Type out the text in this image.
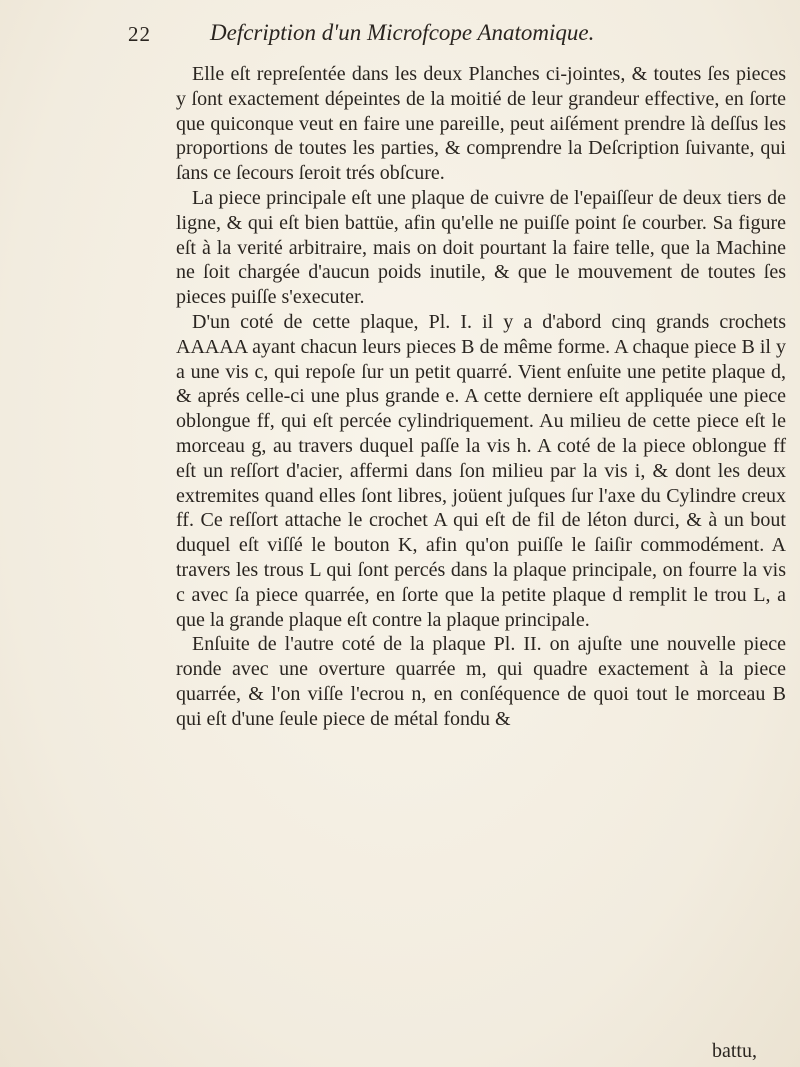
22	Defcription d'un Microfcope Anatomique.

Elle eſt repreſentée dans les deux Planches ci-jointes, & toutes ſes pieces y ſont exactement dépeintes de la moitié de leur grandeur effective, en ſorte que quiconque veut en faire une pareille, peut aiſément prendre là deſſus les proportions de toutes les parties, & comprendre la Deſcription ſuivante, qui ſans ce ſecours ſeroit trés obſcure.

La piece principale eſt une plaque de cuivre de l'epaiſſeur de deux tiers de ligne, & qui eſt bien battüe, afin qu'elle ne puiſſe point ſe courber. Sa figure eſt à la verité arbitraire, mais on doit pourtant la faire telle, que la Machine ne ſoit chargée d'aucun poids inutile, & que le mouvement de toutes ſes pieces puiſſe s'executer.

D'un coté de cette plaque, Pl. I. il y a d'abord cinq grands crochets AAAAA ayant chacun leurs pieces B de même forme. A chaque piece B il y a une vis c, qui repoſe ſur un petit quarré. Vient enſuite une petite plaque d, & aprés celle-ci une plus grande e. A cette derniere eſt appliquée une piece oblongue ff, qui eſt percée cylindriquement. Au milieu de cette piece eſt le morceau g, au travers duquel paſſe la vis h. A coté de la piece oblongue ff eſt un reſſort d'acier, affermi dans ſon milieu par la vis i, & dont les deux extremites quand elles ſont libres, joüent juſques ſur l'axe du Cylindre creux ff. Ce reſſort attache le crochet A qui eſt de fil de léton durci, & à un bout duquel eſt viſſé le bouton K, afin qu'on puiſſe le ſaiſir commodément. A travers les trous L qui ſont percés dans la plaque principale, on fourre la vis c avec ſa piece quarrée, en ſorte que la petite plaque d remplit le trou L, a que la grande plaque eſt contre la plaque principale.

Enſuite de l'autre coté de la plaque Pl. II. on ajuſte une nouvelle piece ronde avec une overture quarrée m, qui quadre exactement à la piece quarrée, & l'on viſſe l'ecrou n, en conſéquence de quoi tout le morceau B qui eſt d'une ſeule piece de métal fondu &

battu,
